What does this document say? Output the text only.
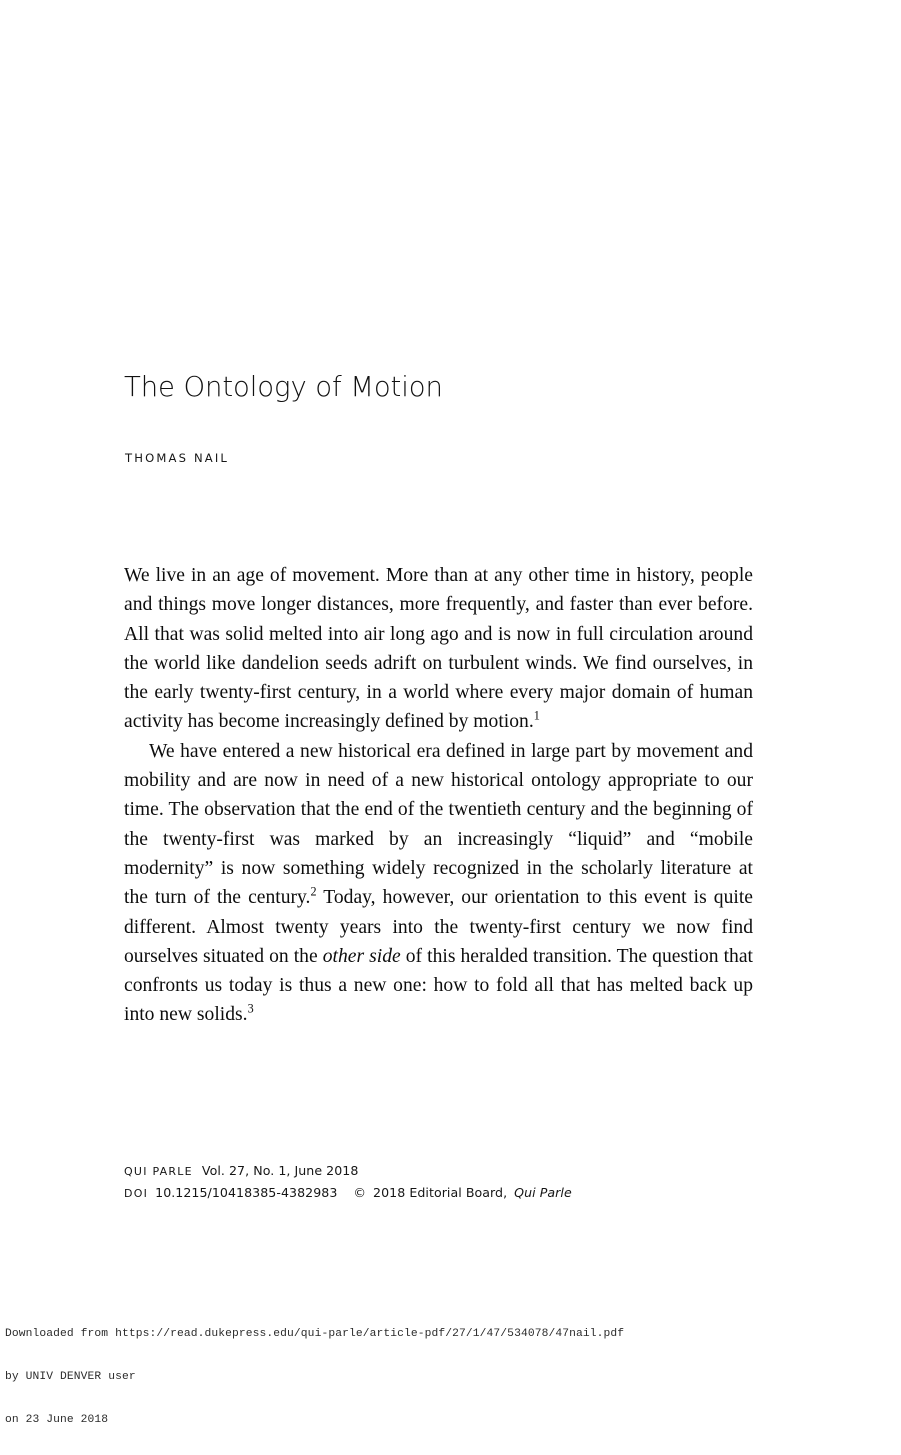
The Ontology of Motion
THOMAS NAIL

We live in an age of movement. More than at any other time in history, people and things move longer distances, more frequently, and faster than ever before. All that was solid melted into air long ago and is now in full circulation around the world like dandelion seeds adrift on turbulent winds. We find ourselves, in the early twenty-first century, in a world where every major domain of human activity has become increasingly defined by motion.$^1$

We have entered a new historical era defined in large part by movement and mobility and are now in need of a new historical ontology appropriate to our time. The observation that the end of the twentieth century and the beginning of the twenty-first was marked by an increasingly “liquid” and “mobile modernity” is now something widely recognized in the scholarly literature at the turn of the century.$^2$ Today, however, our orientation to this event is quite different. Almost twenty years into the twenty-first century we now find ourselves situated on the other side of this heralded transition. The question that confronts us today is thus a new one: how to fold all that has melted back up into new solids.$^3$

QUI PARLE Vol. 27, No. 1, June 2018
DOI 10.1215/10418385-4382983 © 2018 Editorial Board, Qui Parle

Downloaded from https://read.dukepress.edu/qui-parle/article-pdf/27/1/47/534078/47nail.pdf

by UNIV DENVER user

on 23 June 2018
